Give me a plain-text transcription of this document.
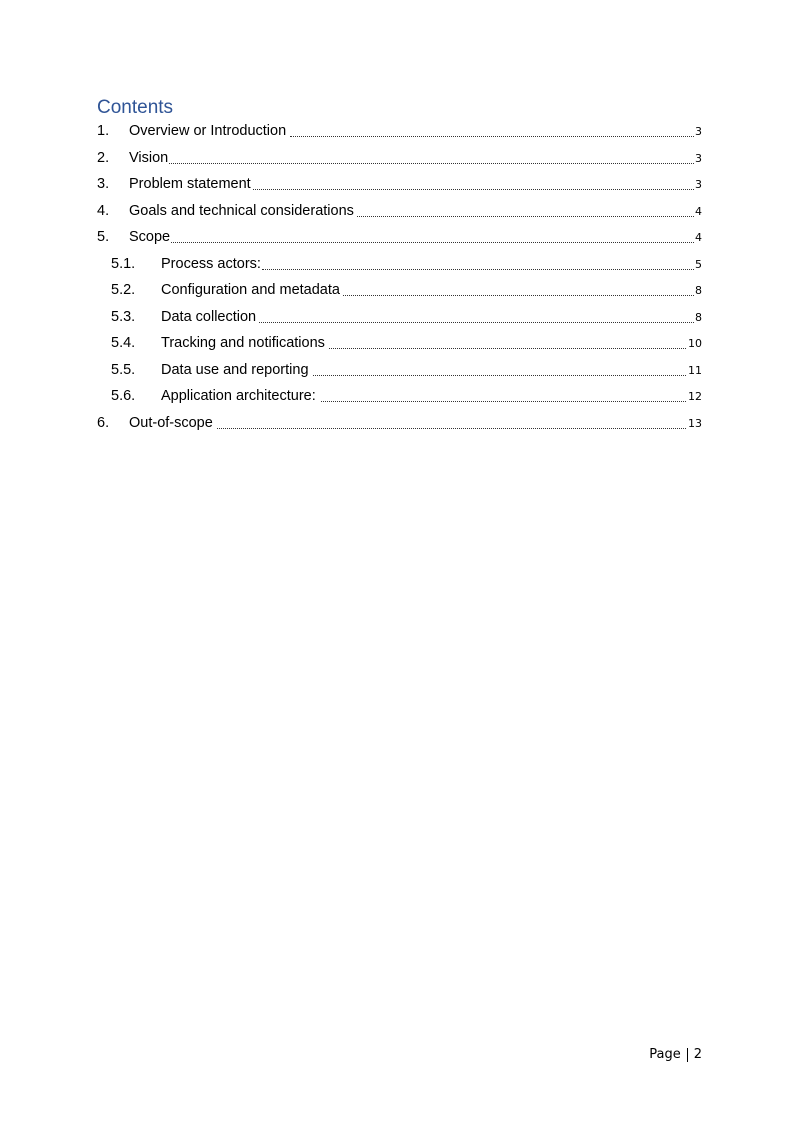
Contents
1. Overview or Introduction	3
2. Vision	3
3. Problem statement	3
4. Goals and technical considerations	4
5. Scope	4
5.1. Process actors:	5
5.2. Configuration and metadata	8
5.3. Data collection	8
5.4. Tracking and notifications	10
5.5. Data use and reporting	11
5.6. Application architecture:	12
6. Out-of-scope	13
Page 2
